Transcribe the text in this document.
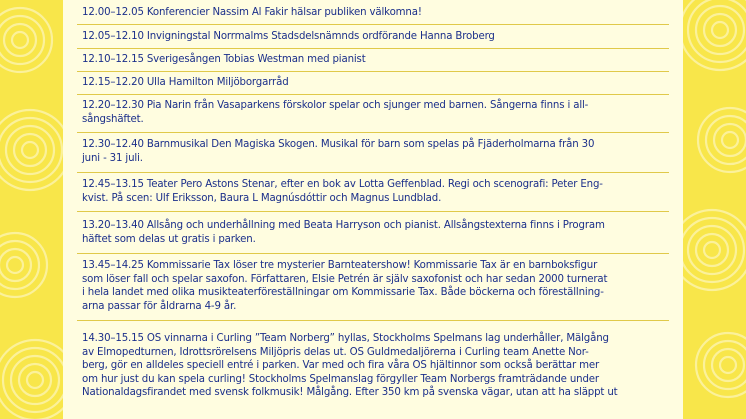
12.00–12.05 Konferencier Nassim Al Fakir hälsar publiken välkomna!
12.05–12.10 Invigningstal Norrmalms Stadsdelsnämnds ordförande Hanna Broberg
12.10–12.15 Sverigesången Tobias Westman med pianist
12.15–12.20 Ulla Hamilton Miljöborgarråd
12.20–12.30 Pia Narin från Vasaparkens förskolor spelar och sjunger med barnen. Sångerna finns i all-
sångshäftet.
12.30–12.40 Barnmusikal Den Magiska Skogen. Musikal för barn som spelas på Fjäderholmarna från 30
juni - 31 juli.
12.45–13.15 Teater Pero Astons Stenar, efter en bok av Lotta Geffenblad. Regi och scenografi: Peter Eng-
kvist. På scen: Ulf Eriksson, Baura L Magnúsdóttir och Magnus Lundblad.
13.20–13.40 Allsång och underhållning med Beata Harryson och pianist. Allsångstexterna finns i Program
häftet som delas ut gratis i parken.
13.45–14.25 Kommissarie Tax löser tre mysterier Barnteatershow! Kommissarie Tax är en barnboksfigur
som löser fall och spelar saxofon. Författaren, Elsie Petrén är själv saxofonist och har sedan 2000 turnerat
i hela landet med olika musikteaterföreställningar om Kommissarie Tax. Både böckerna och föreställning-
arna passar för åldrarna 4-9 år.
14.30–15.15 OS vinnarna i Curling ”Team Norberg” hyllas, Stockholms Spelmans lag underhåller, Mälgång
av Elmopedturnen, Idrottsrörelsens Miljöpris delas ut. OS Guldmedaljörerna i Curling team Anette Nor-
berg, gör en alldeles speciell entré i parken. Var med och fira våra OS hjältinnor som också berättar mer
om hur just du kan spela curling! Stockholms Spelmanslag förgyller Team Norbergs framträdande under
Nationaldagsfirandet med svensk folkmusik! Målgång. Efter 350 km på svenska vägar, utan att ha släppt ut
